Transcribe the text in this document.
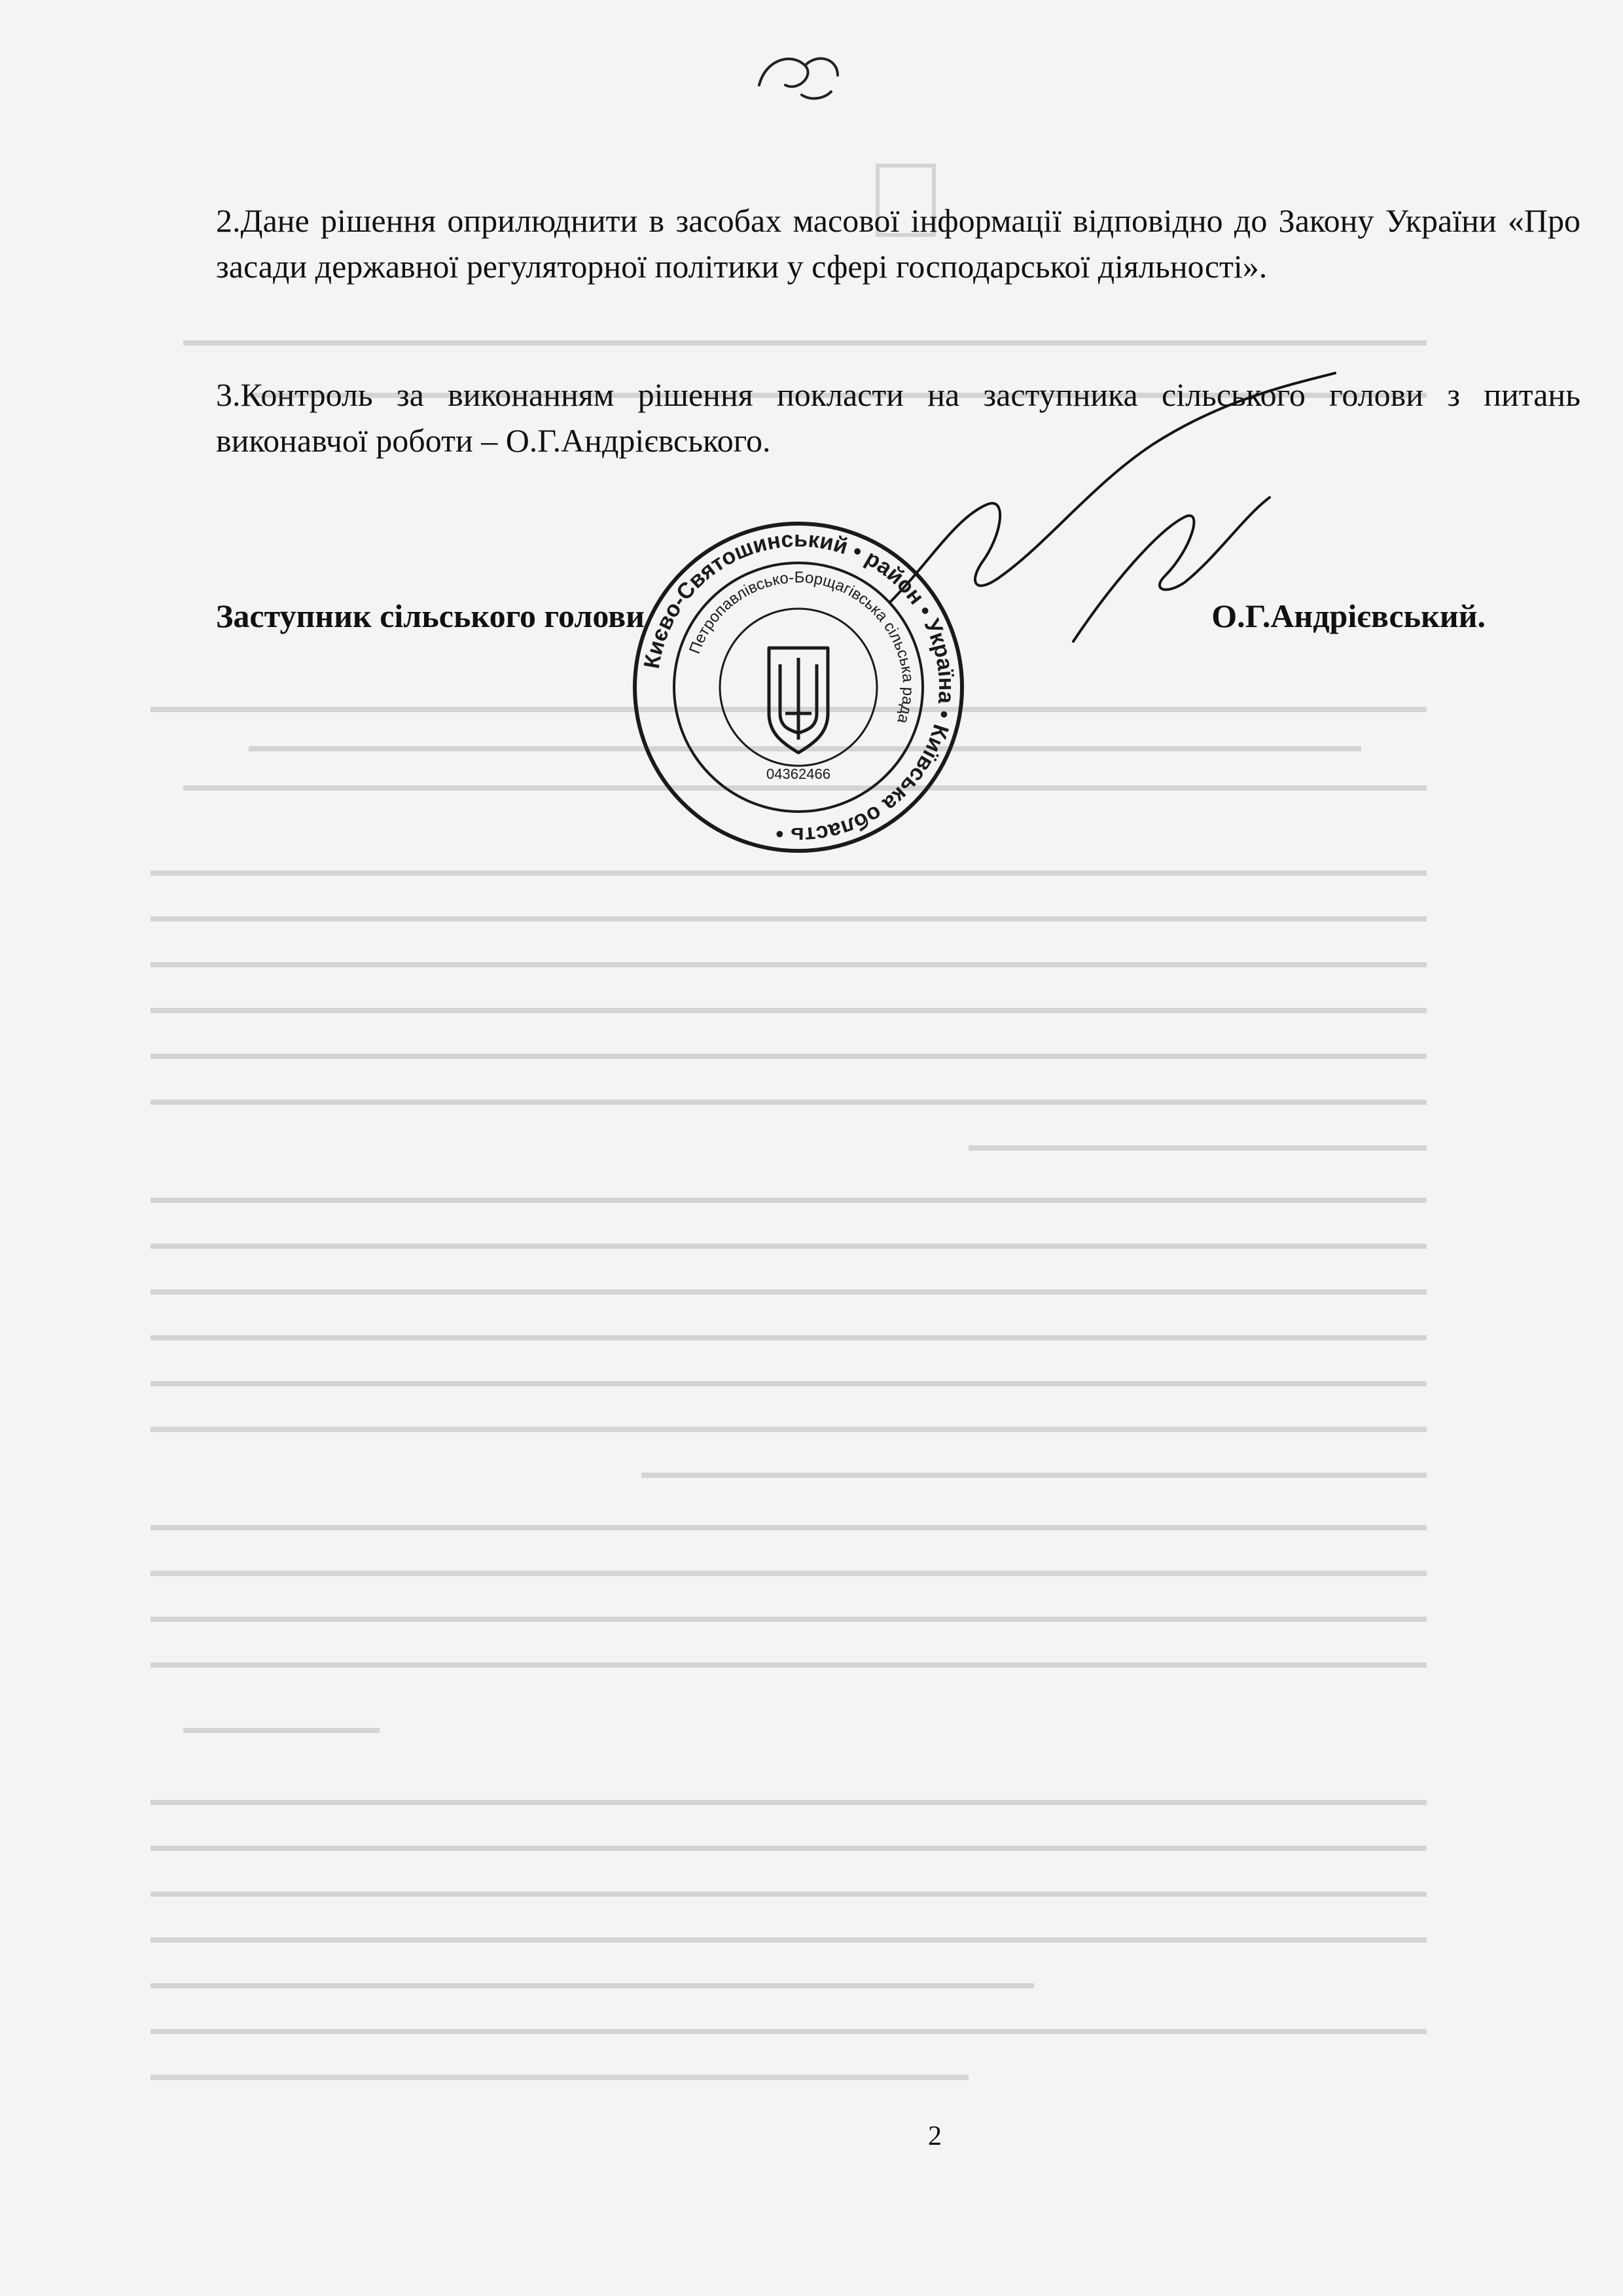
2.Дане рішення оприлюднити в засобах масової інформації відповідно до Закону України «Про засади державної регуляторної політики у сфері господарської діяльності».
3.Контроль за виконанням рішення покласти на заступника сільського голови з питань виконавчої роботи – О.Г.Андрієвського.
Києво-Святошинський • район • Україна • Київська область •
Петропавлівсько-Борщагівська сільська рада
04362466
Заступник сільського голови	О.Г.Андрієвський.
2
